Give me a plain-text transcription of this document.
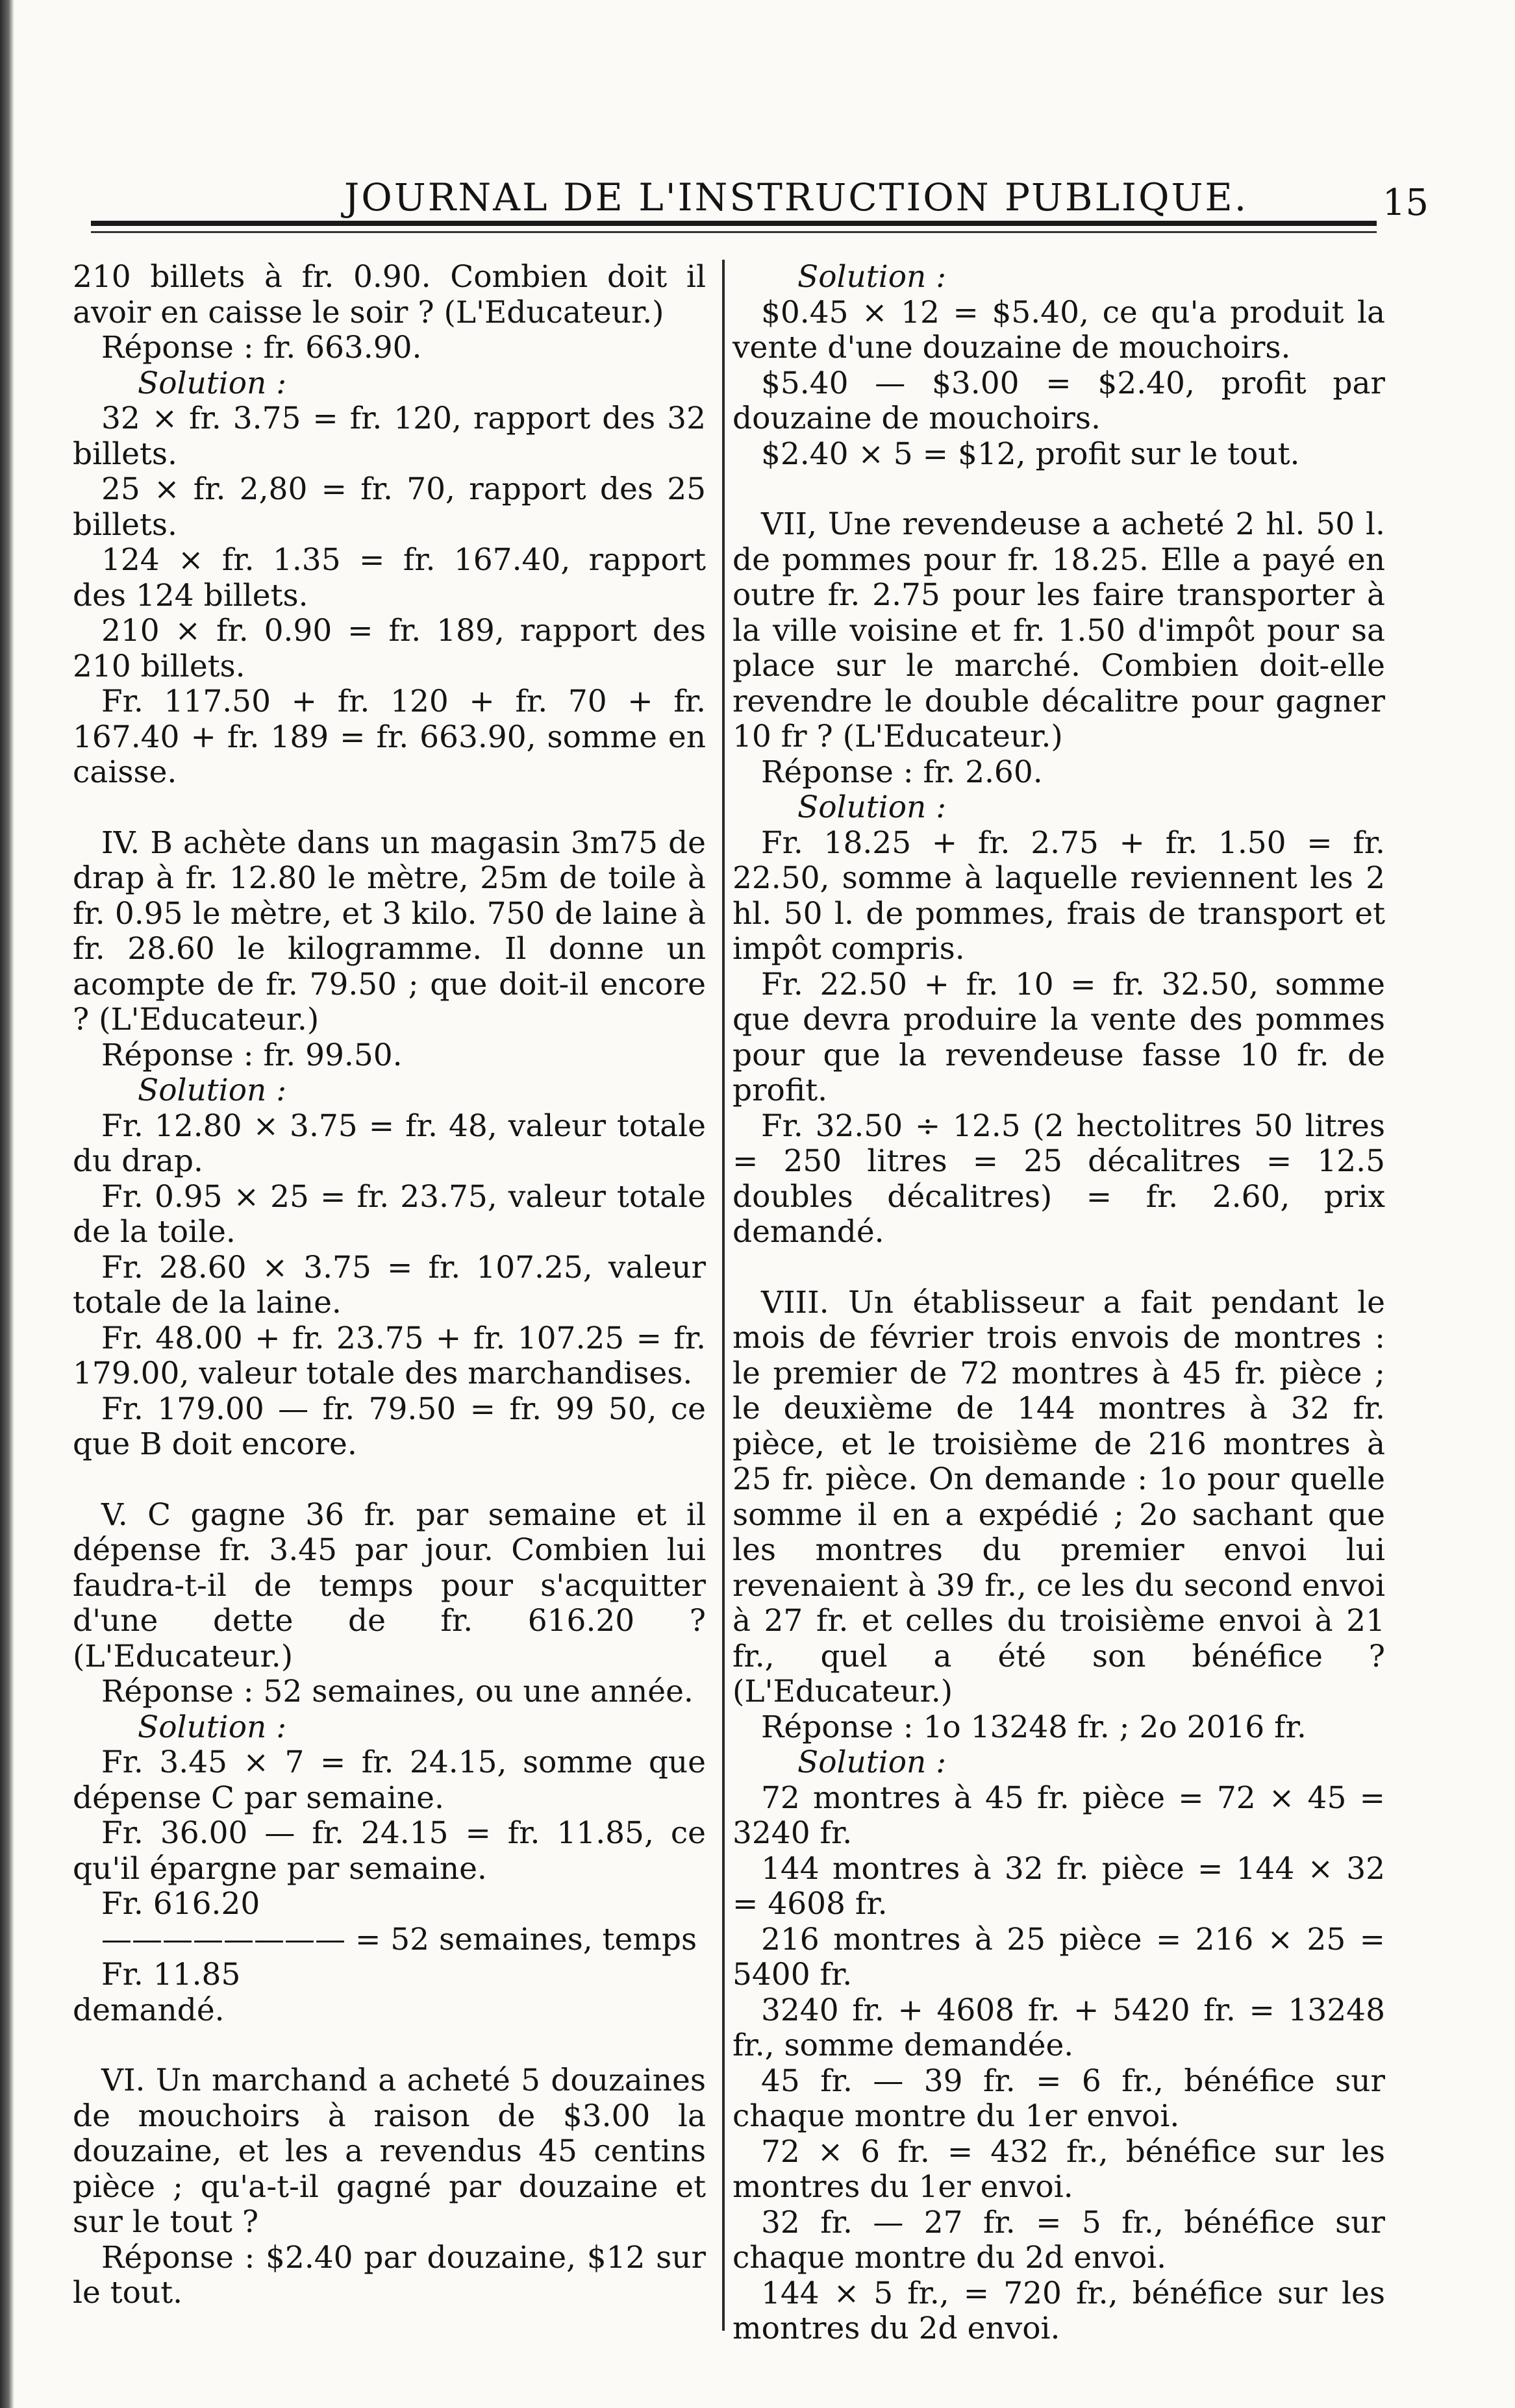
JOURNAL DE L'INSTRUCTION PUBLIQUE.	15

210 billets à fr. 0.90. Combien doit il avoir en caisse le soir ? (L'Educateur.)

Réponse : fr. 663.90.

Solution :

32 × fr. 3.75 = fr. 120, rapport des 32 billets.

25 × fr. 2,80 = fr. 70, rapport des 25 billets.

124 × fr. 1.35 = fr. 167.40, rapport des 124 billets.

210 × fr. 0.90 = fr. 189, rapport des 210 billets.

Fr. 117.50 + fr. 120 + fr. 70 + fr. 167.40 + fr. 189 = fr. 663.90, somme en caisse.

IV. B achète dans un magasin 3m75 de drap à fr. 12.80 le mètre, 25m de toile à fr. 0.95 le mètre, et 3 kilo. 750 de laine à fr. 28.60 le kilogramme. Il donne un acompte de fr. 79.50 ; que doit-il encore ? (L'Educateur.)

Réponse : fr. 99.50.

Solution :

Fr. 12.80 × 3.75 = fr. 48, valeur totale du drap.

Fr. 0.95 × 25 = fr. 23.75, valeur totale de la toile.

Fr. 28.60 × 3.75 = fr. 107.25, valeur totale de la laine.

Fr. 48.00 + fr. 23.75 + fr. 107.25 = fr. 179.00, valeur totale des marchandises.

Fr. 179.00 — fr. 79.50 = fr. 99 50, ce que B doit encore.

V. C gagne 36 fr. par semaine et il dépense fr. 3.45 par jour. Combien lui faudra-t-il de temps pour s'acquitter d'une dette de fr. 616.20 ? (L'Educateur.)

Réponse : 52 semaines, ou une année.

Solution :

Fr. 3.45 × 7 = fr. 24.15, somme que dépense C par semaine.

Fr. 36.00 — fr. 24.15 = fr. 11.85, ce qu'il épargne par semaine.

Fr. 616.20

———————— = 52 semaines, temps

Fr. 11.85

demandé.

VI. Un marchand a acheté 5 douzaines de mouchoirs à raison de $3.00 la douzaine, et les a revendus 45 centins pièce ; qu'a-t-il gagné par douzaine et sur le tout ?

Réponse : $2.40 par douzaine, $12 sur le tout.

Solution :

$0.45 × 12 = $5.40, ce qu'a produit la vente d'une douzaine de mouchoirs.

$5.40 — $3.00 = $2.40, profit par douzaine de mouchoirs.

$2.40 × 5 = $12, profit sur le tout.

VII, Une revendeuse a acheté 2 hl. 50 l. de pommes pour fr. 18.25. Elle a payé en outre fr. 2.75 pour les faire transporter à la ville voisine et fr. 1.50 d'impôt pour sa place sur le marché. Combien doit-elle revendre le double décalitre pour gagner 10 fr ? (L'Educateur.)

Réponse : fr. 2.60.

Solution :

Fr. 18.25 + fr. 2.75 + fr. 1.50 = fr. 22.50, somme à laquelle reviennent les 2 hl. 50 l. de pommes, frais de transport et impôt compris.

Fr. 22.50 + fr. 10 = fr. 32.50, somme que devra produire la vente des pommes pour que la revendeuse fasse 10 fr. de profit.

Fr. 32.50 ÷ 12.5 (2 hectolitres 50 litres = 250 litres = 25 décalitres = 12.5 doubles décalitres) = fr. 2.60, prix demandé.

VIII. Un établisseur a fait pendant le mois de février trois envois de montres : le premier de 72 montres à 45 fr. pièce ; le deuxième de 144 montres à 32 fr. pièce, et le troisième de 216 montres à 25 fr. pièce. On demande : 1o pour quelle somme il en a expédié ; 2o sachant que les montres du premier envoi lui revenaient à 39 fr., ce les du second envoi à 27 fr. et celles du troisième envoi à 21 fr., quel a été son bénéfice ? (L'Educateur.)

Réponse : 1o 13248 fr. ; 2o 2016 fr.

Solution :

72 montres à 45 fr. pièce = 72 × 45 = 3240 fr.

144 montres à 32 fr. pièce = 144 × 32 = 4608 fr.

216 montres à 25 pièce = 216 × 25 = 5400 fr.

3240 fr. + 4608 fr. + 5420 fr. = 13248 fr., somme demandée.

45 fr. — 39 fr. = 6 fr., bénéfice sur chaque montre du 1er envoi.

72 × 6 fr. = 432 fr., bénéfice sur les montres du 1er envoi.

32 fr. — 27 fr. = 5 fr., bénéfice sur chaque montre du 2d envoi.

144 × 5 fr., = 720 fr., bénéfice sur les montres du 2d envoi.
